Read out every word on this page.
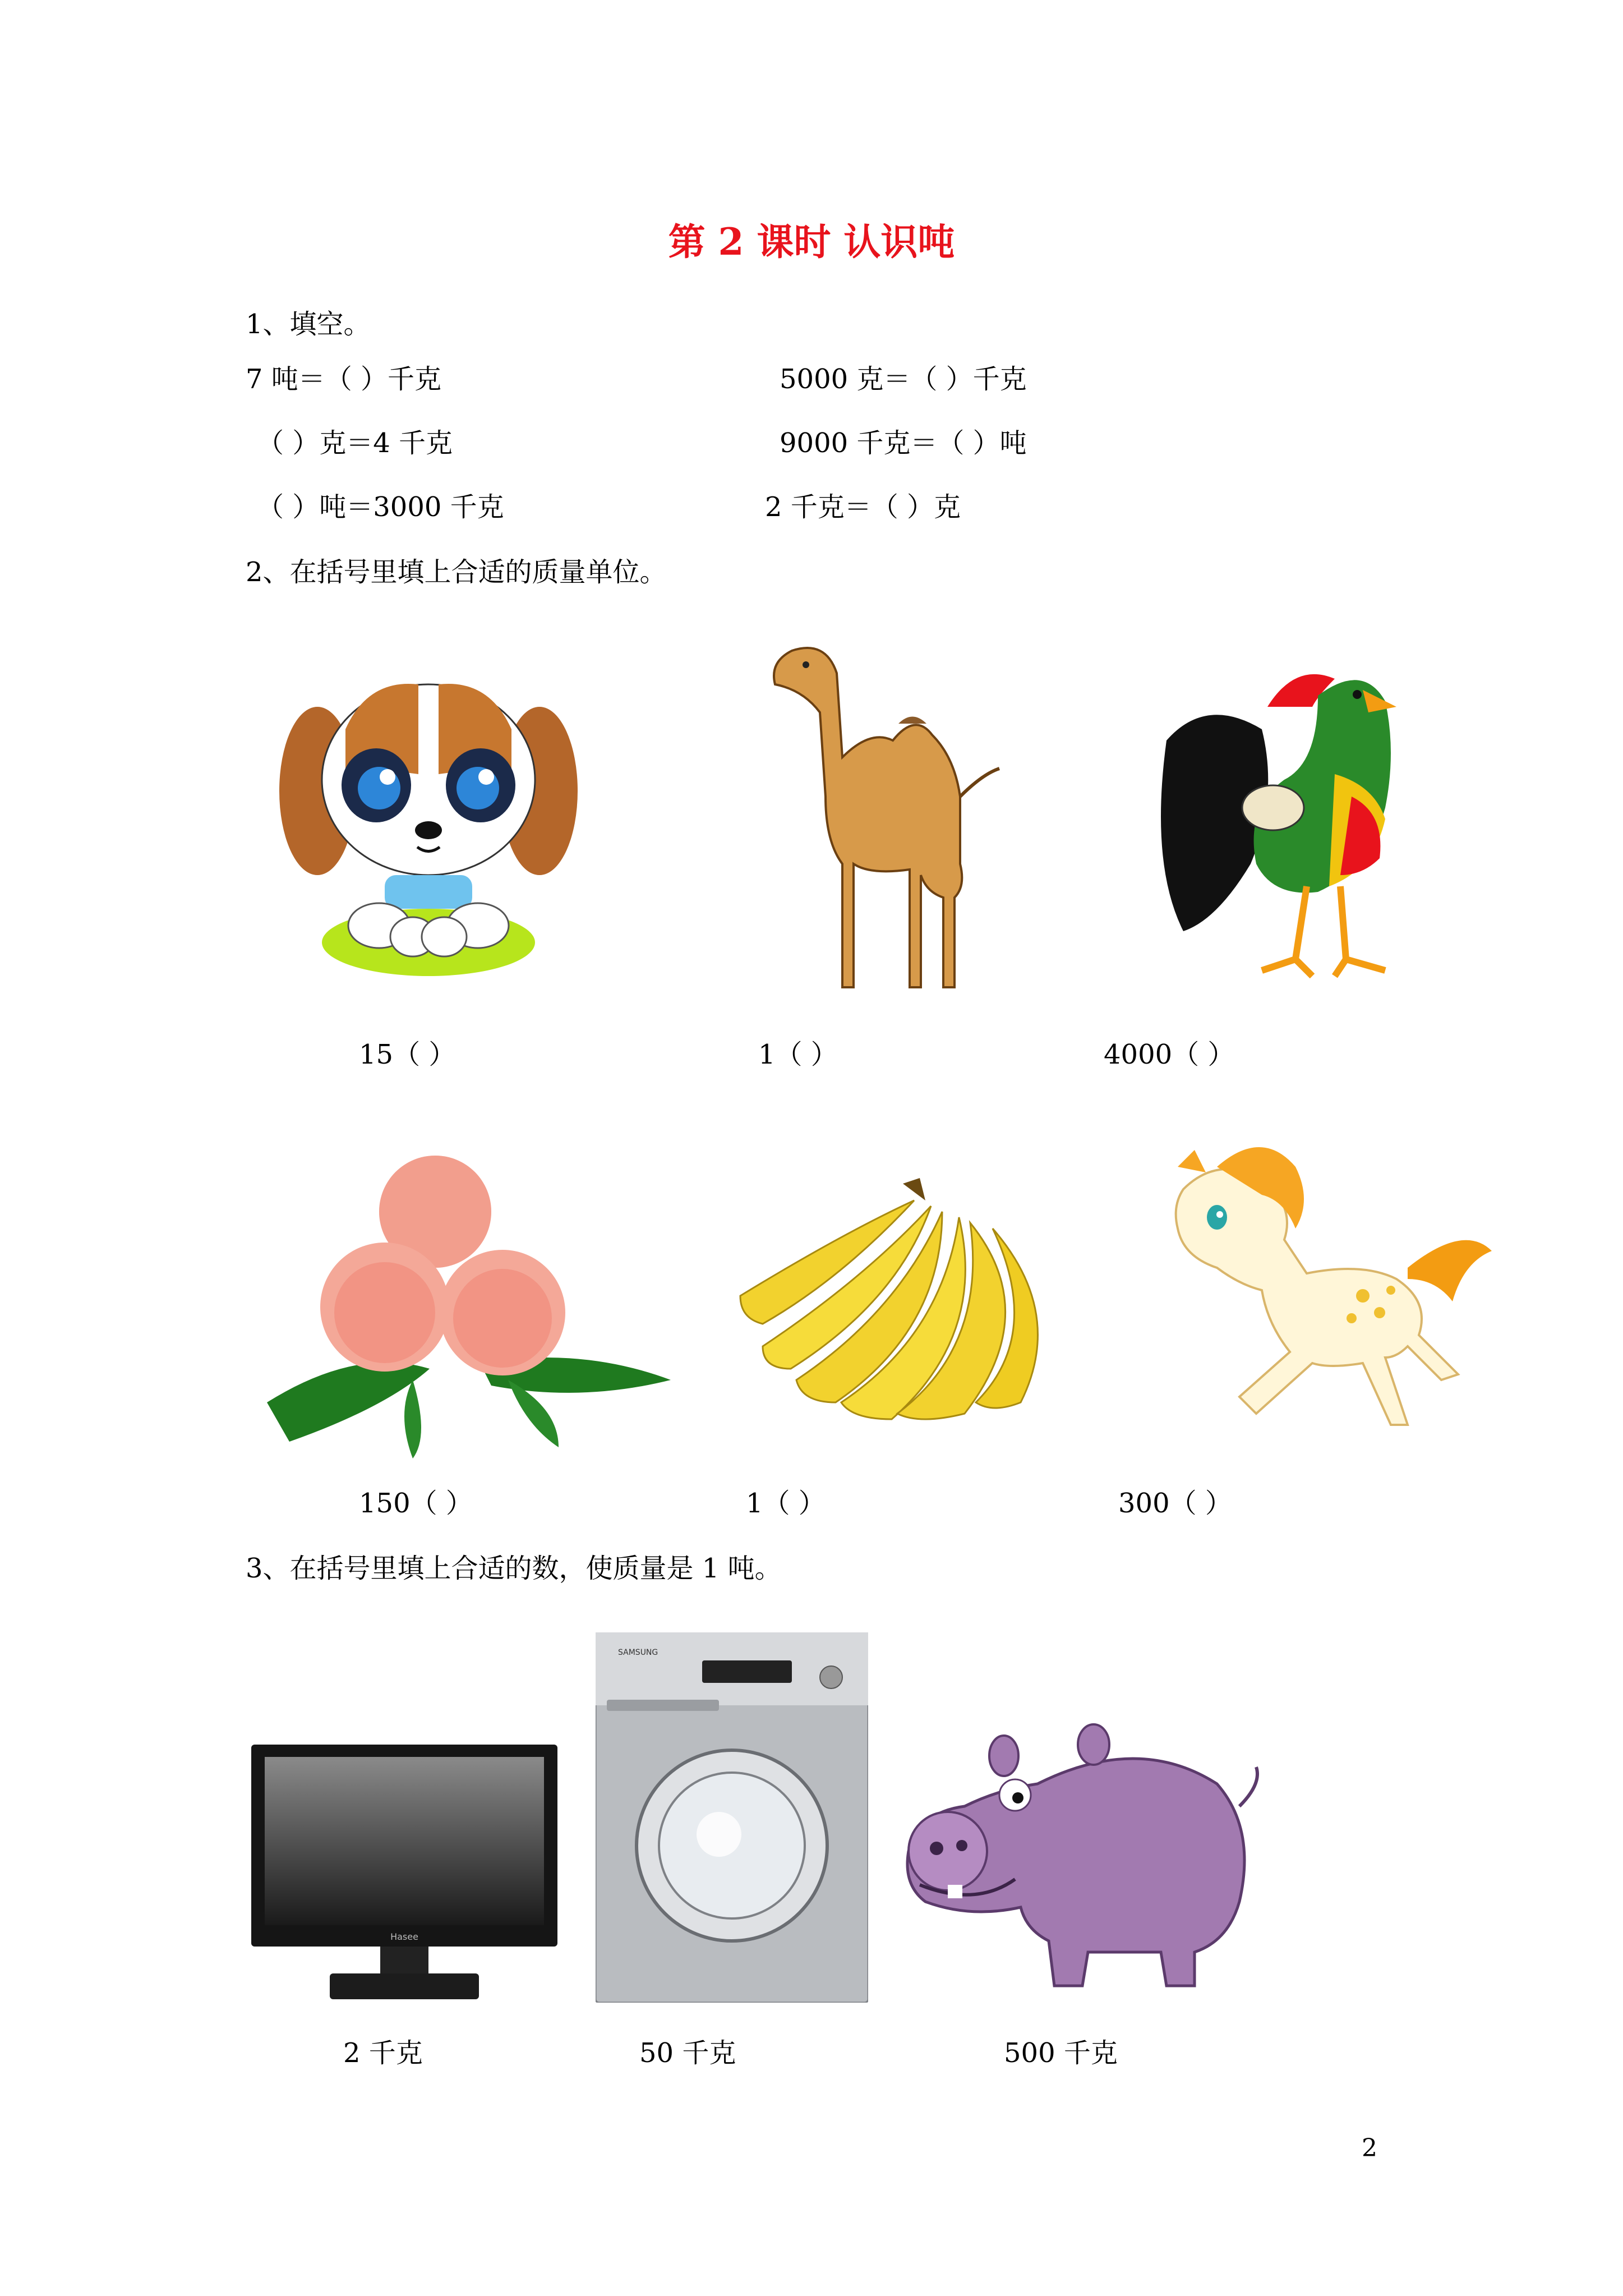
第 2 课时 认识吨
1、填空。
7 吨＝（ ）千克	5000 克＝（ ）千克
（ ）克＝4 千克	9000 千克＝（ ）吨
（ ）吨＝3000 千克	2 千克＝（ ）克
2、在括号里填上合适的质量单位。
15（ ）	1（ ）	4000（ ）
150（ ）	1（ ）	300（ ）
3、在括号里填上合适的数，使质量是 1 吨。
Hasee
SAMSUNG
2 千克	50 千克	500 千克
2
